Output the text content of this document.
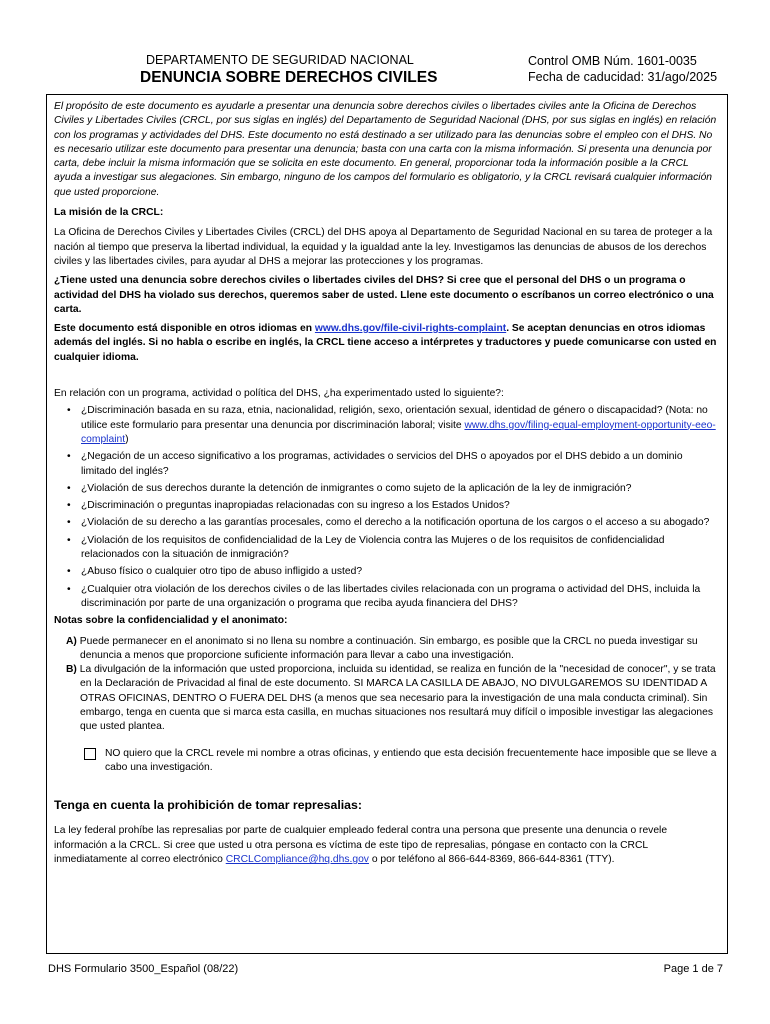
DEPARTAMENTO DE SEGURIDAD NACIONAL
DENUNCIA SOBRE DERECHOS CIVILES
Control OMB Núm. 1601-0035
Fecha de caducidad: 31/ago/2025

El propósito de este documento es ayudarle a presentar una denuncia sobre derechos civiles o libertades civiles ante la Oficina de Derechos Civiles y Libertades Civiles (CRCL, por sus siglas en inglés) del Departamento de Seguridad Nacional (DHS, por sus siglas en inglés) en relación con los programas y actividades del DHS. Este documento no está destinado a ser utilizado para las denuncias sobre el empleo con el DHS. No es necesario utilizar este documento para presentar una denuncia; basta con una carta con la misma información. Si presenta una denuncia por carta, debe incluir la misma información que se solicita en este documento. En general, proporcionar toda la información posible a la CRCL ayuda a investigar sus alegaciones. Sin embargo, ninguno de los campos del formulario es obligatorio, y la CRCL revisará cualquier información que usted proporcione.

La misión de la CRCL:

La Oficina de Derechos Civiles y Libertades Civiles (CRCL) del DHS apoya al Departamento de Seguridad Nacional en su tarea de proteger a la nación al tiempo que preserva la libertad individual, la equidad y la igualdad ante la ley. Investigamos las denuncias de abusos de los derechos civiles y las libertades civiles, para ayudar al DHS a mejorar las protecciones y los programas.

¿Tiene usted una denuncia sobre derechos civiles o libertades civiles del DHS? Si cree que el personal del DHS o un programa o actividad del DHS ha violado sus derechos, queremos saber de usted. Llene este documento o escríbanos un correo electrónico o una carta.

Este documento está disponible en otros idiomas en www.dhs.gov/file-civil-rights-complaint. Se aceptan denuncias en otros idiomas además del inglés. Si no habla o escribe en inglés, la CRCL tiene acceso a intérpretes y traductores y puede comunicarse con usted en cualquier idioma.

En relación con un programa, actividad o política del DHS, ¿ha experimentado usted lo siguiente?:

• ¿Discriminación basada en su raza, etnia, nacionalidad, religión, sexo, orientación sexual, identidad de género o discapacidad? (Nota: no utilice este formulario para presentar una denuncia por discriminación laboral; visite www.dhs.gov/filing-equal-employment-opportunity-eeo-complaint)
• ¿Negación de un acceso significativo a los programas, actividades o servicios del DHS o apoyados por el DHS debido a un dominio limitado del inglés?
• ¿Violación de sus derechos durante la detención de inmigrantes o como sujeto de la aplicación de la ley de inmigración?
• ¿Discriminación o preguntas inapropiadas relacionadas con su ingreso a los Estados Unidos?
• ¿Violación de su derecho a las garantías procesales, como el derecho a la notificación oportuna de los cargos o el acceso a su abogado?
• ¿Violación de los requisitos de confidencialidad de la Ley de Violencia contra las Mujeres o de los requisitos de confidencialidad relacionados con la situación de inmigración?
• ¿Abuso físico o cualquier otro tipo de abuso infligido a usted?
• ¿Cualquier otra violación de los derechos civiles o de las libertades civiles relacionada con un programa o actividad del DHS, incluida la discriminación por parte de una organización o programa que reciba ayuda financiera del DHS?

Notas sobre la confidencialidad y el anonimato:

A) Puede permanecer en el anonimato si no llena su nombre a continuación. Sin embargo, es posible que la CRCL no pueda investigar su denuncia a menos que proporcione suficiente información para llevar a cabo una investigación.

B) La divulgación de la información que usted proporciona, incluida su identidad, se realiza en función de la "necesidad de conocer", y se trata en la Declaración de Privacidad al final de este documento. SI MARCA LA CASILLA DE ABAJO, NO DIVULGAREMOS SU IDENTIDAD A OTRAS OFICINAS, DENTRO O FUERA DEL DHS (a menos que sea necesario para la investigación de una mala conducta criminal). Sin embargo, tenga en cuenta que si marca esta casilla, en muchas situaciones nos resultará muy difícil o imposible investigar las alegaciones que usted plantea.

NO quiero que la CRCL revele mi nombre a otras oficinas, y entiendo que esta decisión frecuentemente hace imposible que se lleve a cabo una investigación.

Tenga en cuenta la prohibición de tomar represalias:

La ley federal prohíbe las represalias por parte de cualquier empleado federal contra una persona que presente una denuncia o revele información a la CRCL. Si cree que usted u otra persona es víctima de este tipo de represalias, póngase en contacto con la CRCL inmediatamente al correo electrónico CRCLCompliance@hq.dhs.gov o por teléfono al 866-644-8369, 866-644-8361 (TTY).

DHS Formulario 3500_Español (08/22)	Page 1 de 7
